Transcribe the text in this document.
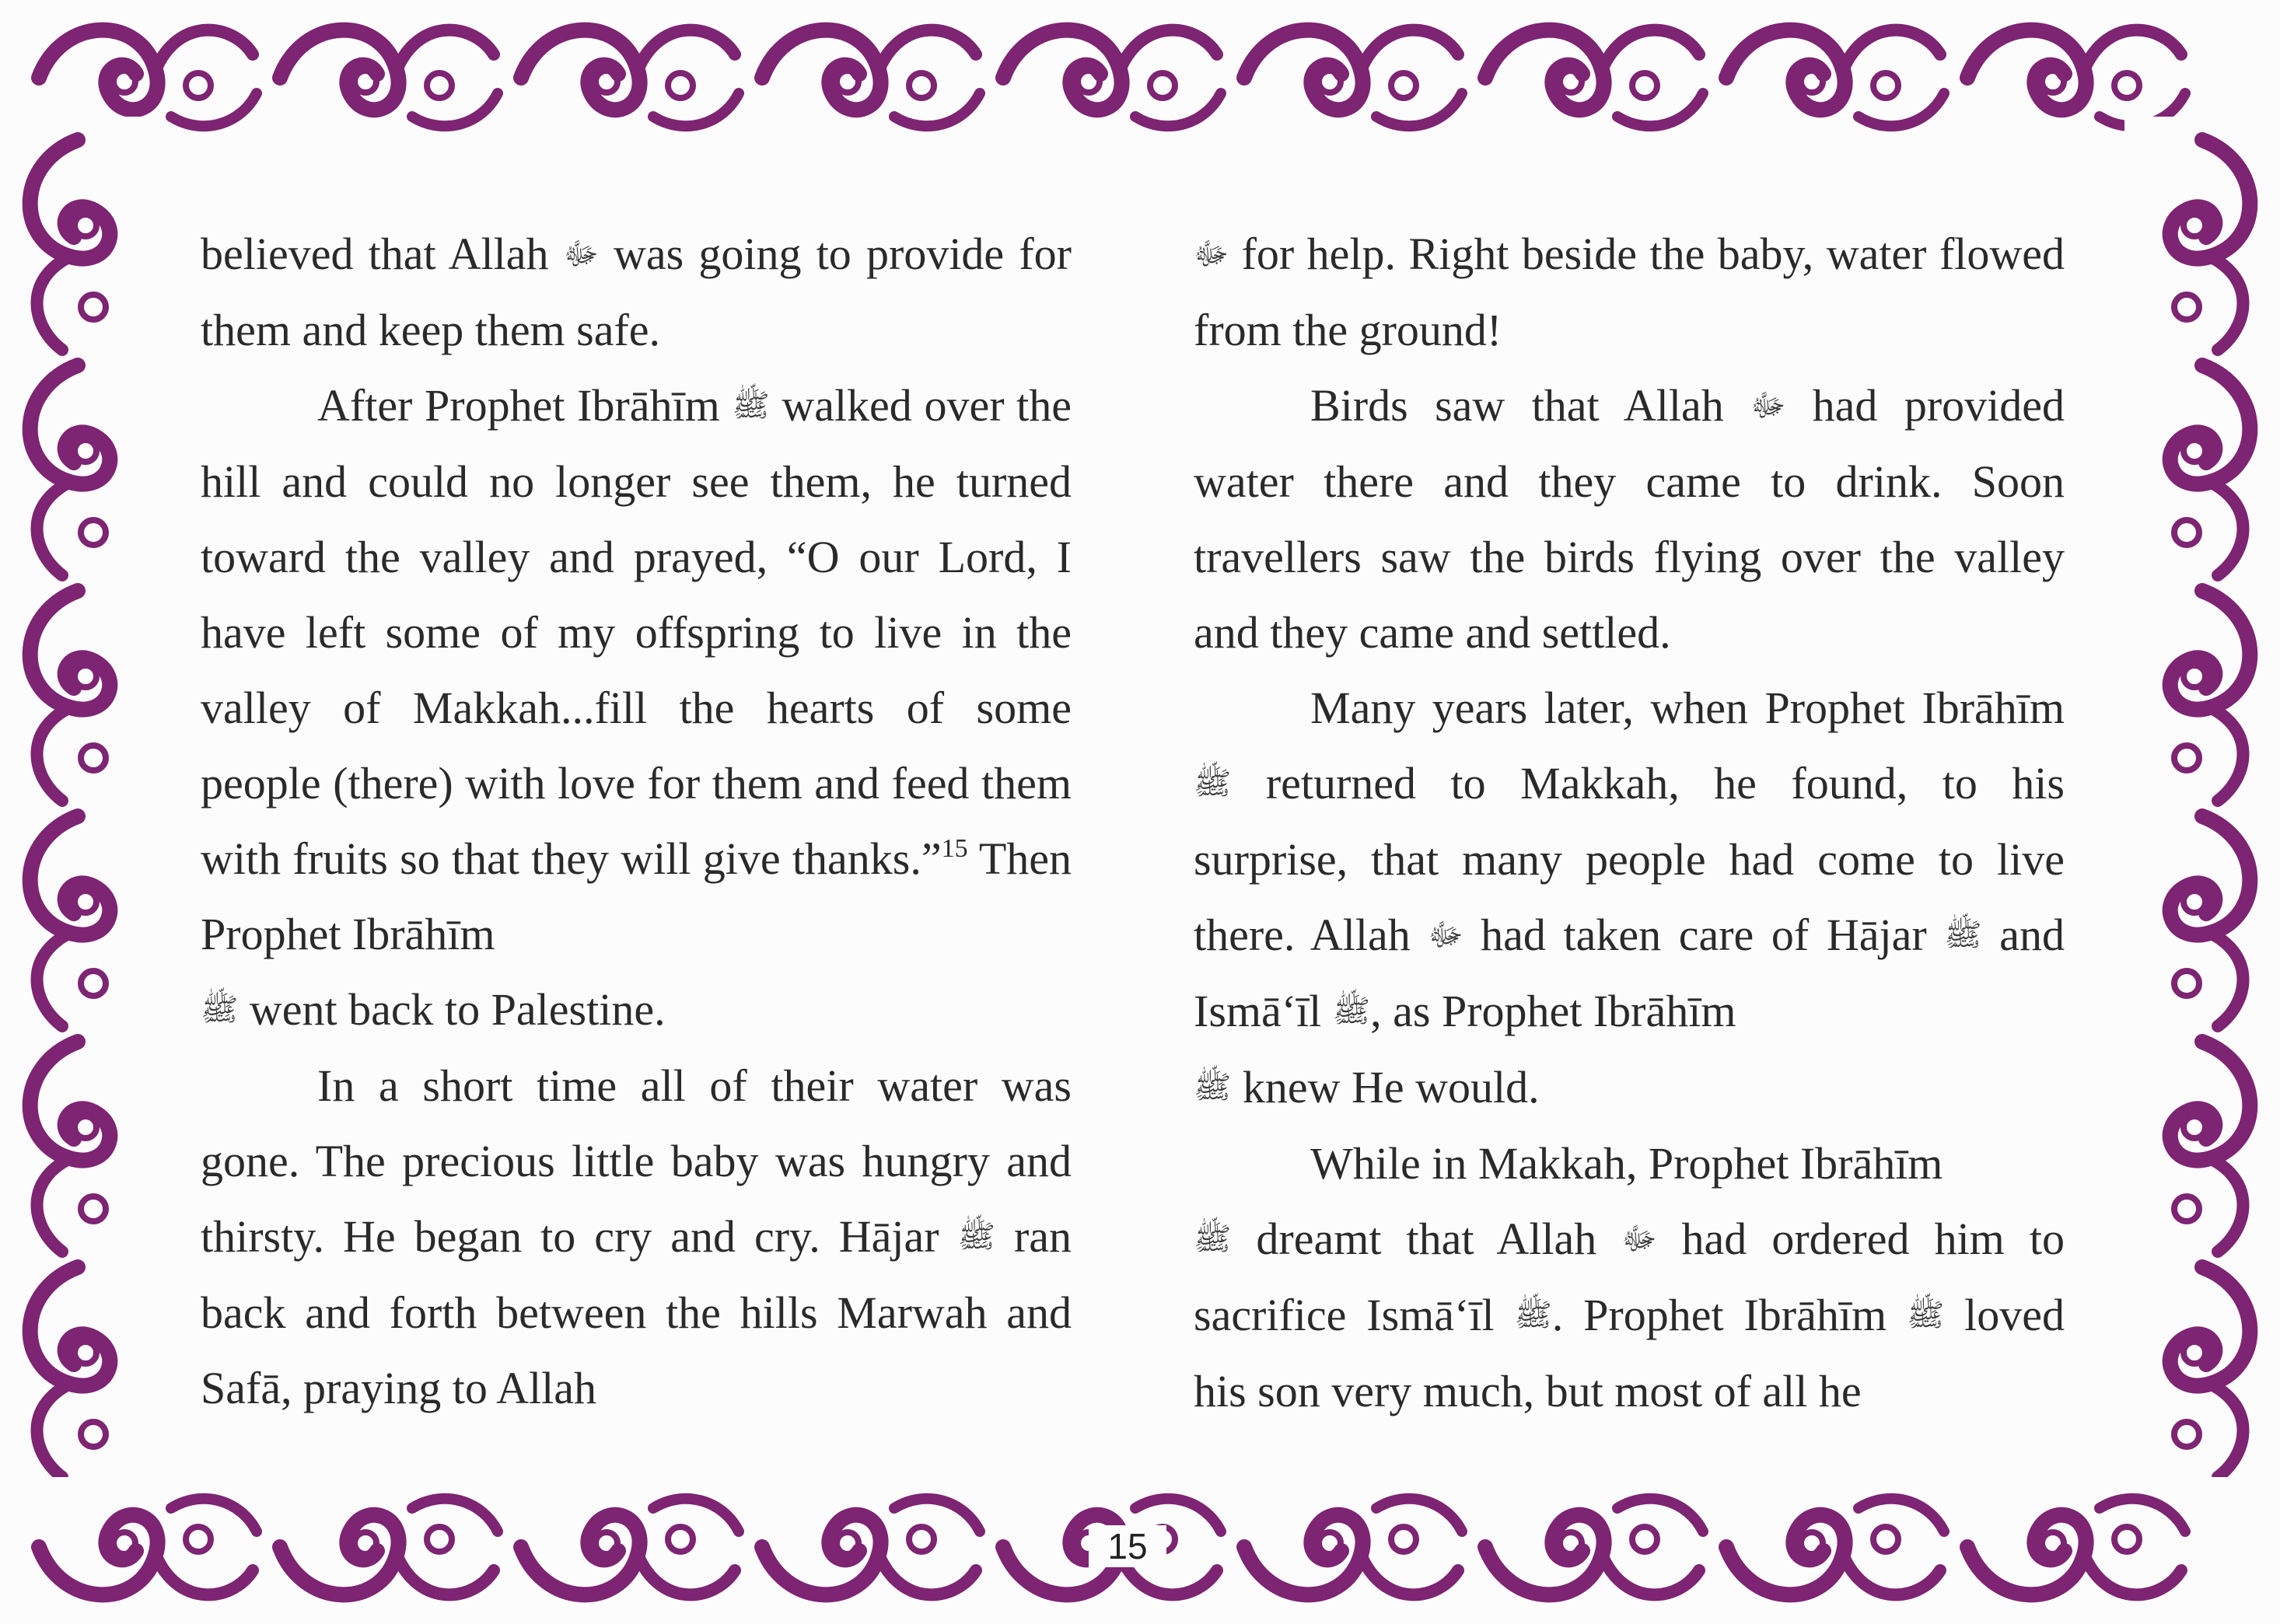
believed that Allah ﷻ was going to provide for them and keep them safe.

After Prophet Ibrāhīm ﷺ walked over the hill and could no longer see them, he turned toward the valley and prayed, “O our Lord, I have left some of my offspring to live in the valley of Makkah...fill the hearts of some people (there) with love for them and feed them with fruits so that they will give thanks.”$^{15}$ Then Prophet Ibrāhīm
ﷺ went back to Palestine.

In a short time all of their water was gone. The precious little baby was hungry and thirsty. He began to cry and cry. Hājar ﷺ ran back and forth between the hills Marwah and Safā, praying to Allah

ﷻ for help. Right beside the baby, water flowed from the ground!

Birds saw that Allah ﷻ had provided water there and they came to drink. Soon travellers saw the birds flying over the valley and they came and settled.

Many years later, when Prophet Ibrāhīm ﷺ returned to Makkah, he found, to his surprise, that many people had come to live there. Allah ﷻ had taken care of Hājar ﷺ and Ismā‘īl ﷺ, as Prophet Ibrāhīm
ﷺ knew He would.

While in Makkah, Prophet Ibrāhīm
ﷺ dreamt that Allah ﷻ had ordered him to sacrifice Ismā‘īl ﷺ. Prophet Ibrāhīm ﷺ loved his son very much, but most of all he

15
